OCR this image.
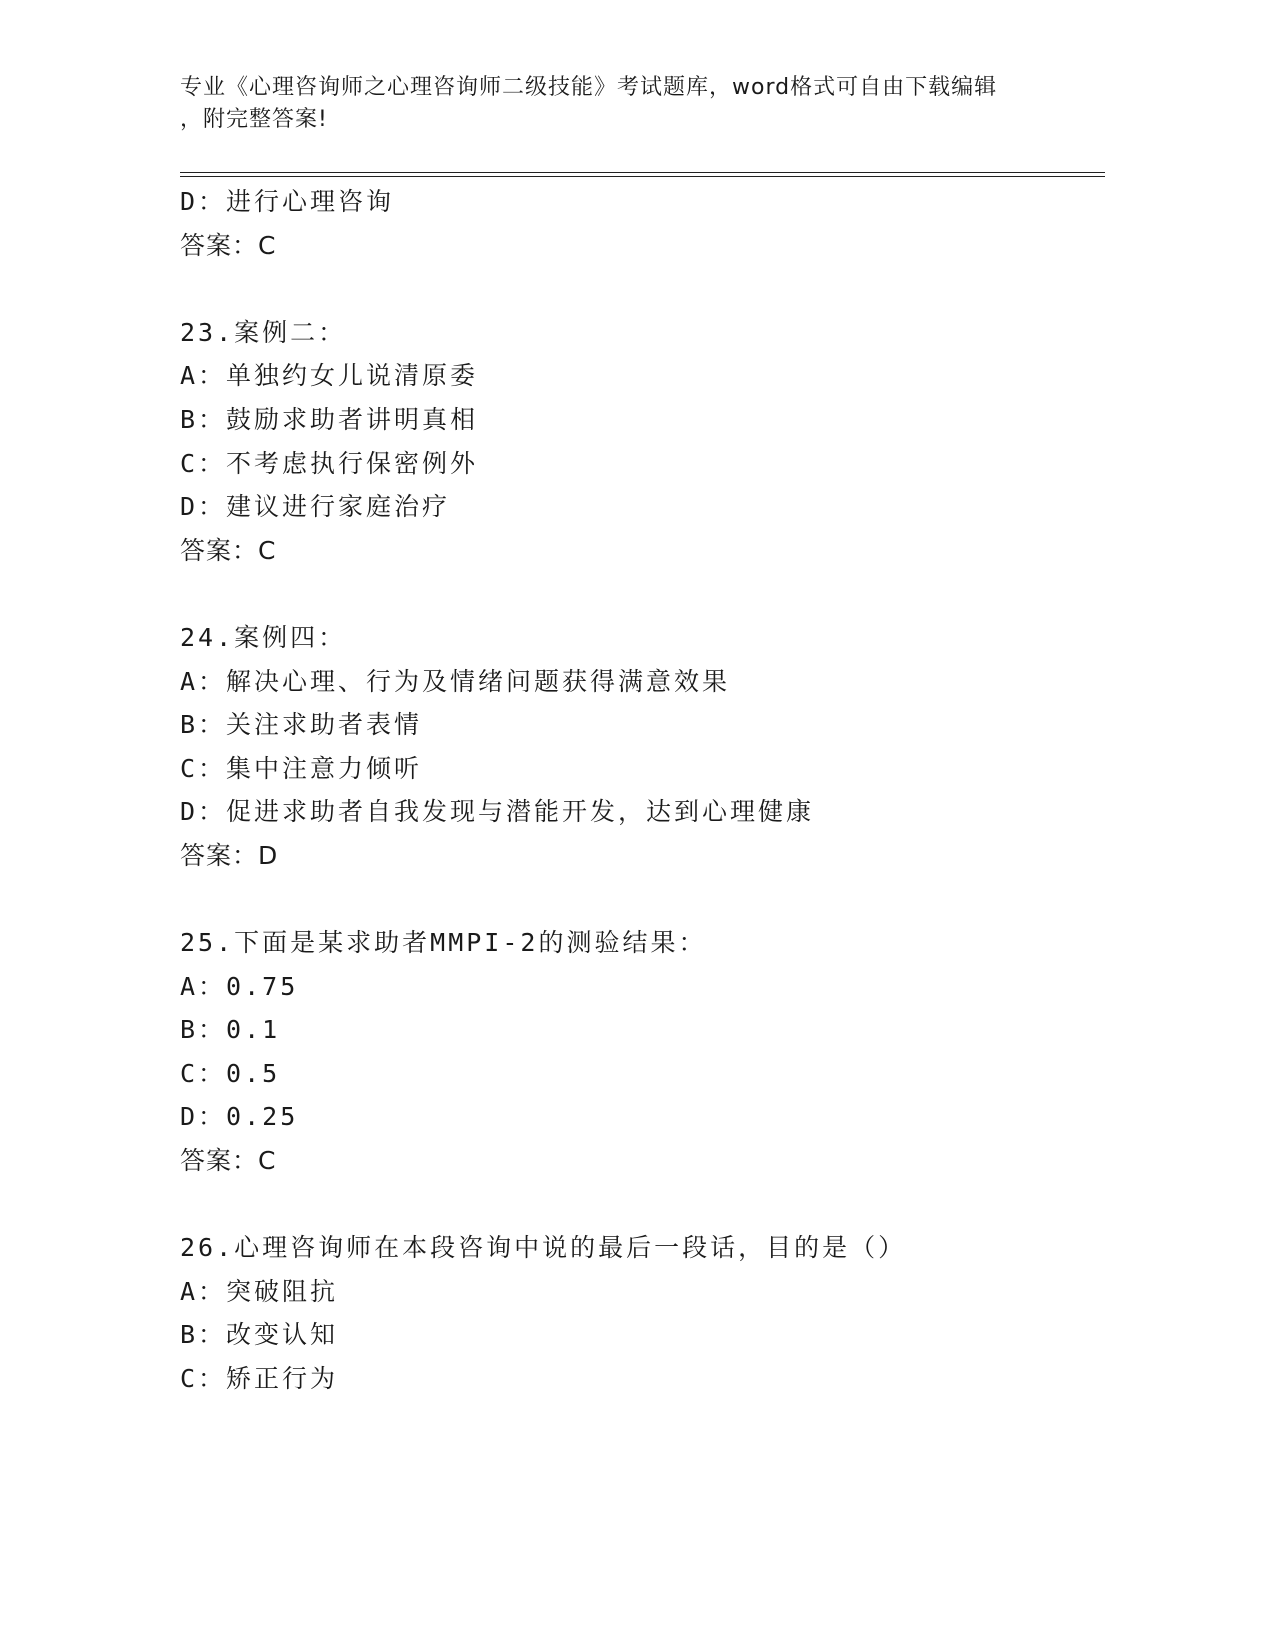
专业《心理咨询师之心理咨询师二级技能》考试题库，word格式可自由下载编辑
，附完整答案!
D：进行心理咨询
答案：C
23.案例二：
A：单独约女儿说清原委
B：鼓励求助者讲明真相
C：不考虑执行保密例外
D：建议进行家庭治疗
答案：C
24.案例四：
A：解决心理、行为及情绪问题获得满意效果
B：关注求助者表情
C：集中注意力倾听
D：促进求助者自我发现与潜能开发，达到心理健康
答案：D
25.下面是某求助者MMPI-2的测验结果：
A：0.75
B：0.1
C：0.5
D：0.25
答案：C
26.心理咨询师在本段咨询中说的最后一段话，目的是（）
A：突破阻抗
B：改变认知
C：矫正行为
